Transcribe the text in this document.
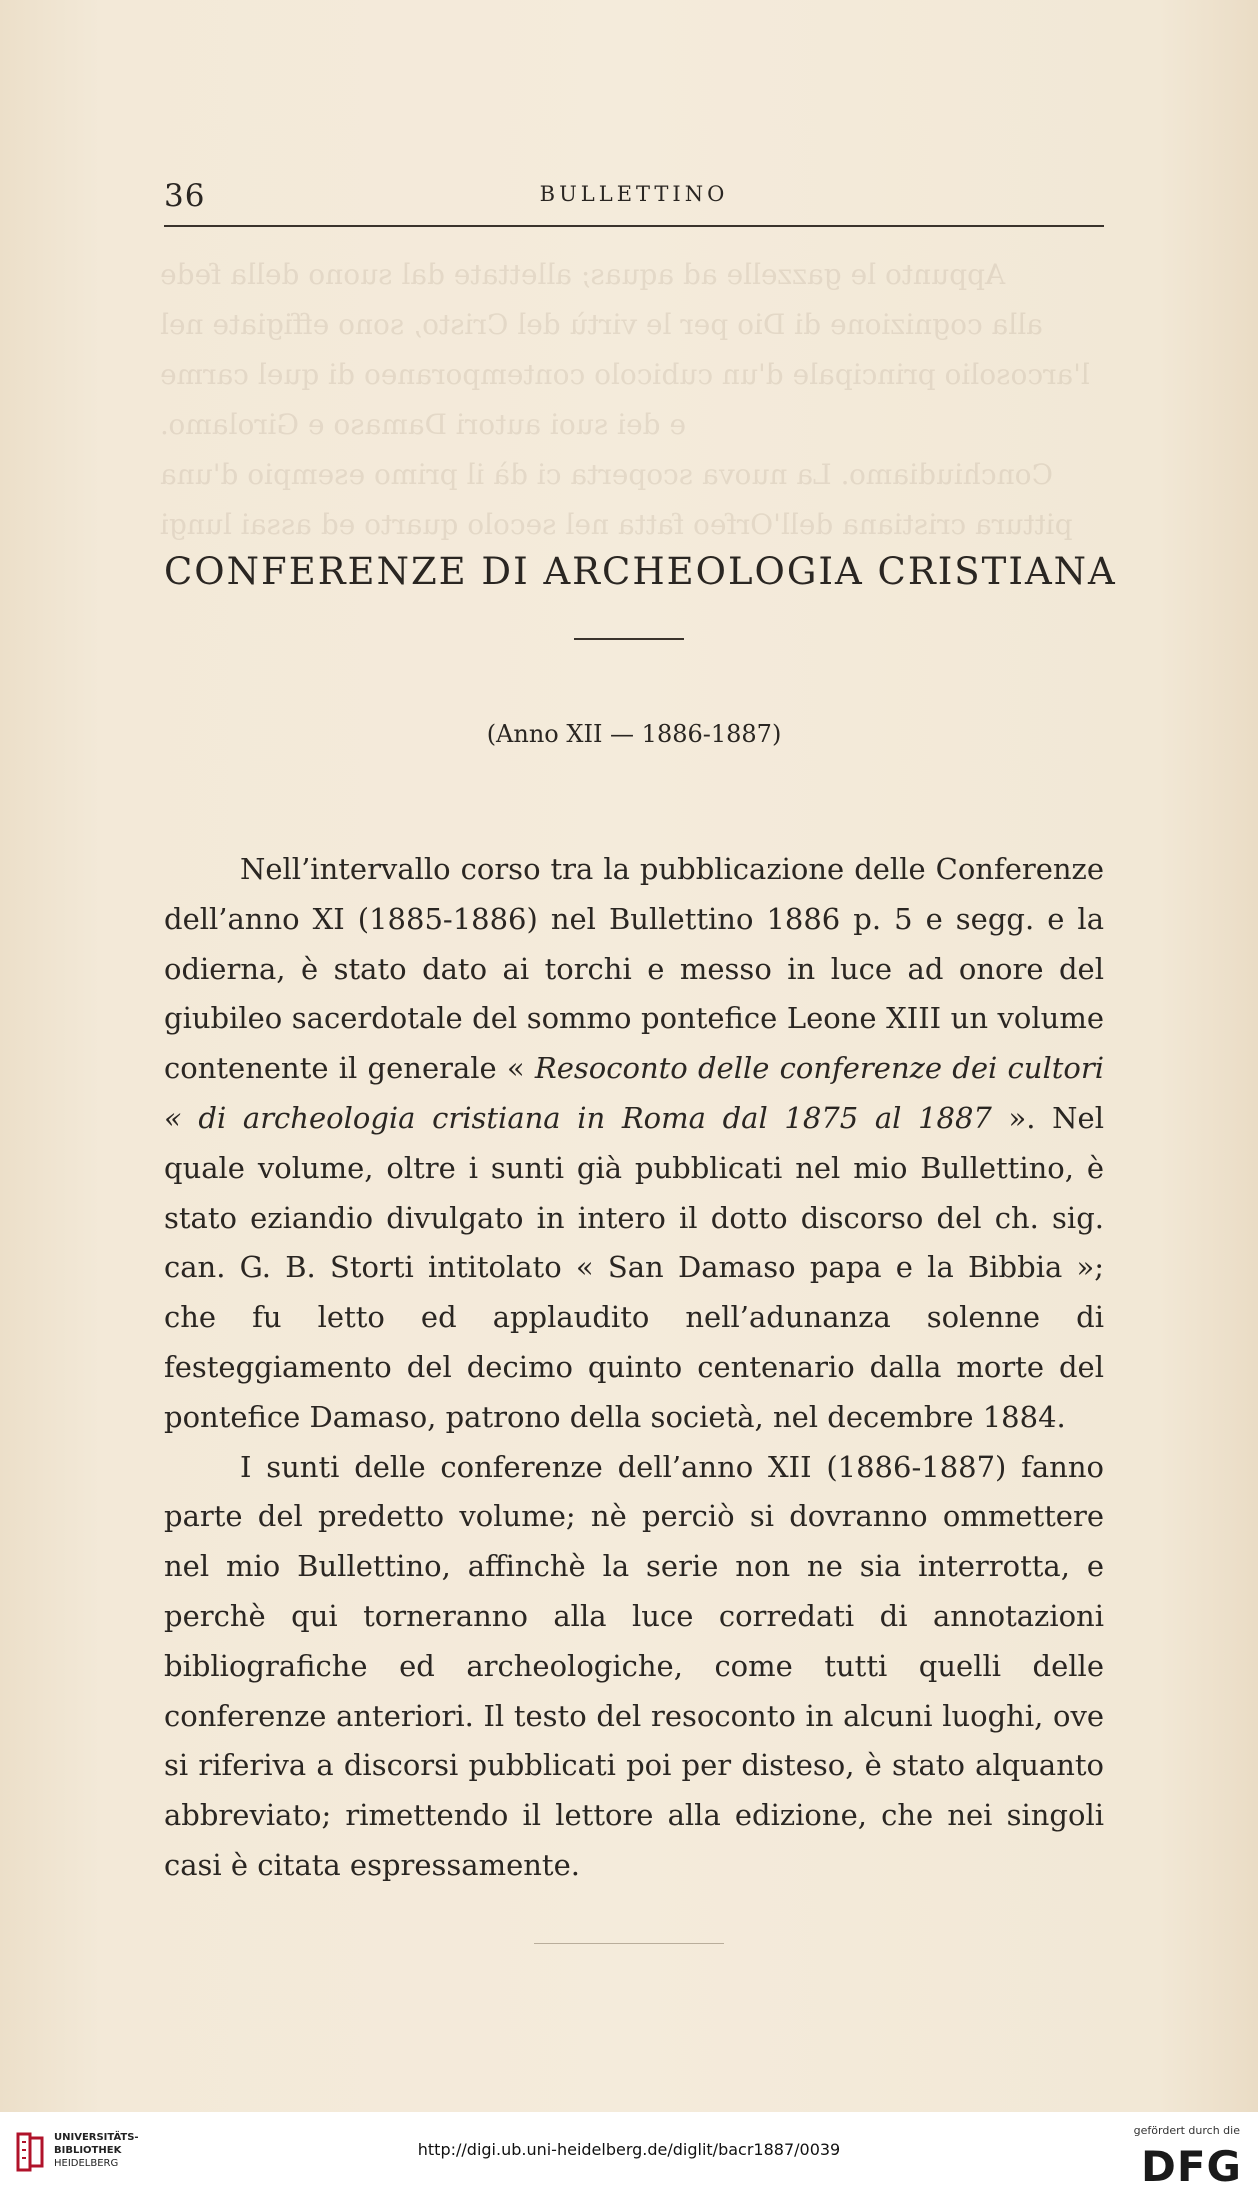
Appunto le gazzelle ad aquas; allettate dal suono della fede
alla cognizione di Dio per le virtù del Cristo, sono effigiate nel
l'arcosolio principale d'un cubicolo contemporaneo di quel carme
e dei suoi autori Damaso e Girolamo.
Conchiudiamo. La nuova scoperta ci dà il primo esempio d'una
pittura cristiana dell'Orfeo fatta nel secolo quarto ed assai lungi
36	BULLETTINO
CONFERENZE DI ARCHEOLOGIA CRISTIANA
(Anno XII — 1886-1887)

Nell’intervallo corso tra la pubblicazione delle Conferenze dell’anno XI (1885-1886) nel Bullettino 1886 p. 5 e segg. e la odierna, è stato dato ai torchi e messo in luce ad onore del giubileo sacerdotale del sommo pontefice Leone XIII un volume contenente il generale « Resoconto delle conferenze dei cultori « di archeologia cristiana in Roma dal 1875 al 1887 ». Nel quale volume, oltre i sunti già pubblicati nel mio Bullettino, è stato eziandio divulgato in intero il dotto discorso del ch. sig. can. G. B. Storti intitolato « San Damaso papa e la Bibbia »; che fu letto ed applaudito nell’adunanza solenne di festeggiamento del decimo quinto centenario dalla morte del pontefice Damaso, patrono della società, nel decembre 1884.

I sunti delle conferenze dell’anno XII (1886-1887) fanno parte del predetto volume; nè perciò si dovranno ommettere nel mio Bullettino, affinchè la serie non ne sia interrotta, e perchè qui torneranno alla luce corredati di annotazioni bibliografiche ed archeologiche, come tutti quelli delle conferenze anteriori. Il testo del resoconto in alcuni luoghi, ove si riferiva a discorsi pubblicati poi per disteso, è stato alquanto abbreviato; rimettendo il lettore alla edizione, che nei singoli casi è citata espressamente.

UNIVERSITÄTS-
BIBLIOTHEK
HEIDELBERG
http://digi.ub.uni-heidelberg.de/diglit/bacr1887/0039
gefördert durch die
DFG
